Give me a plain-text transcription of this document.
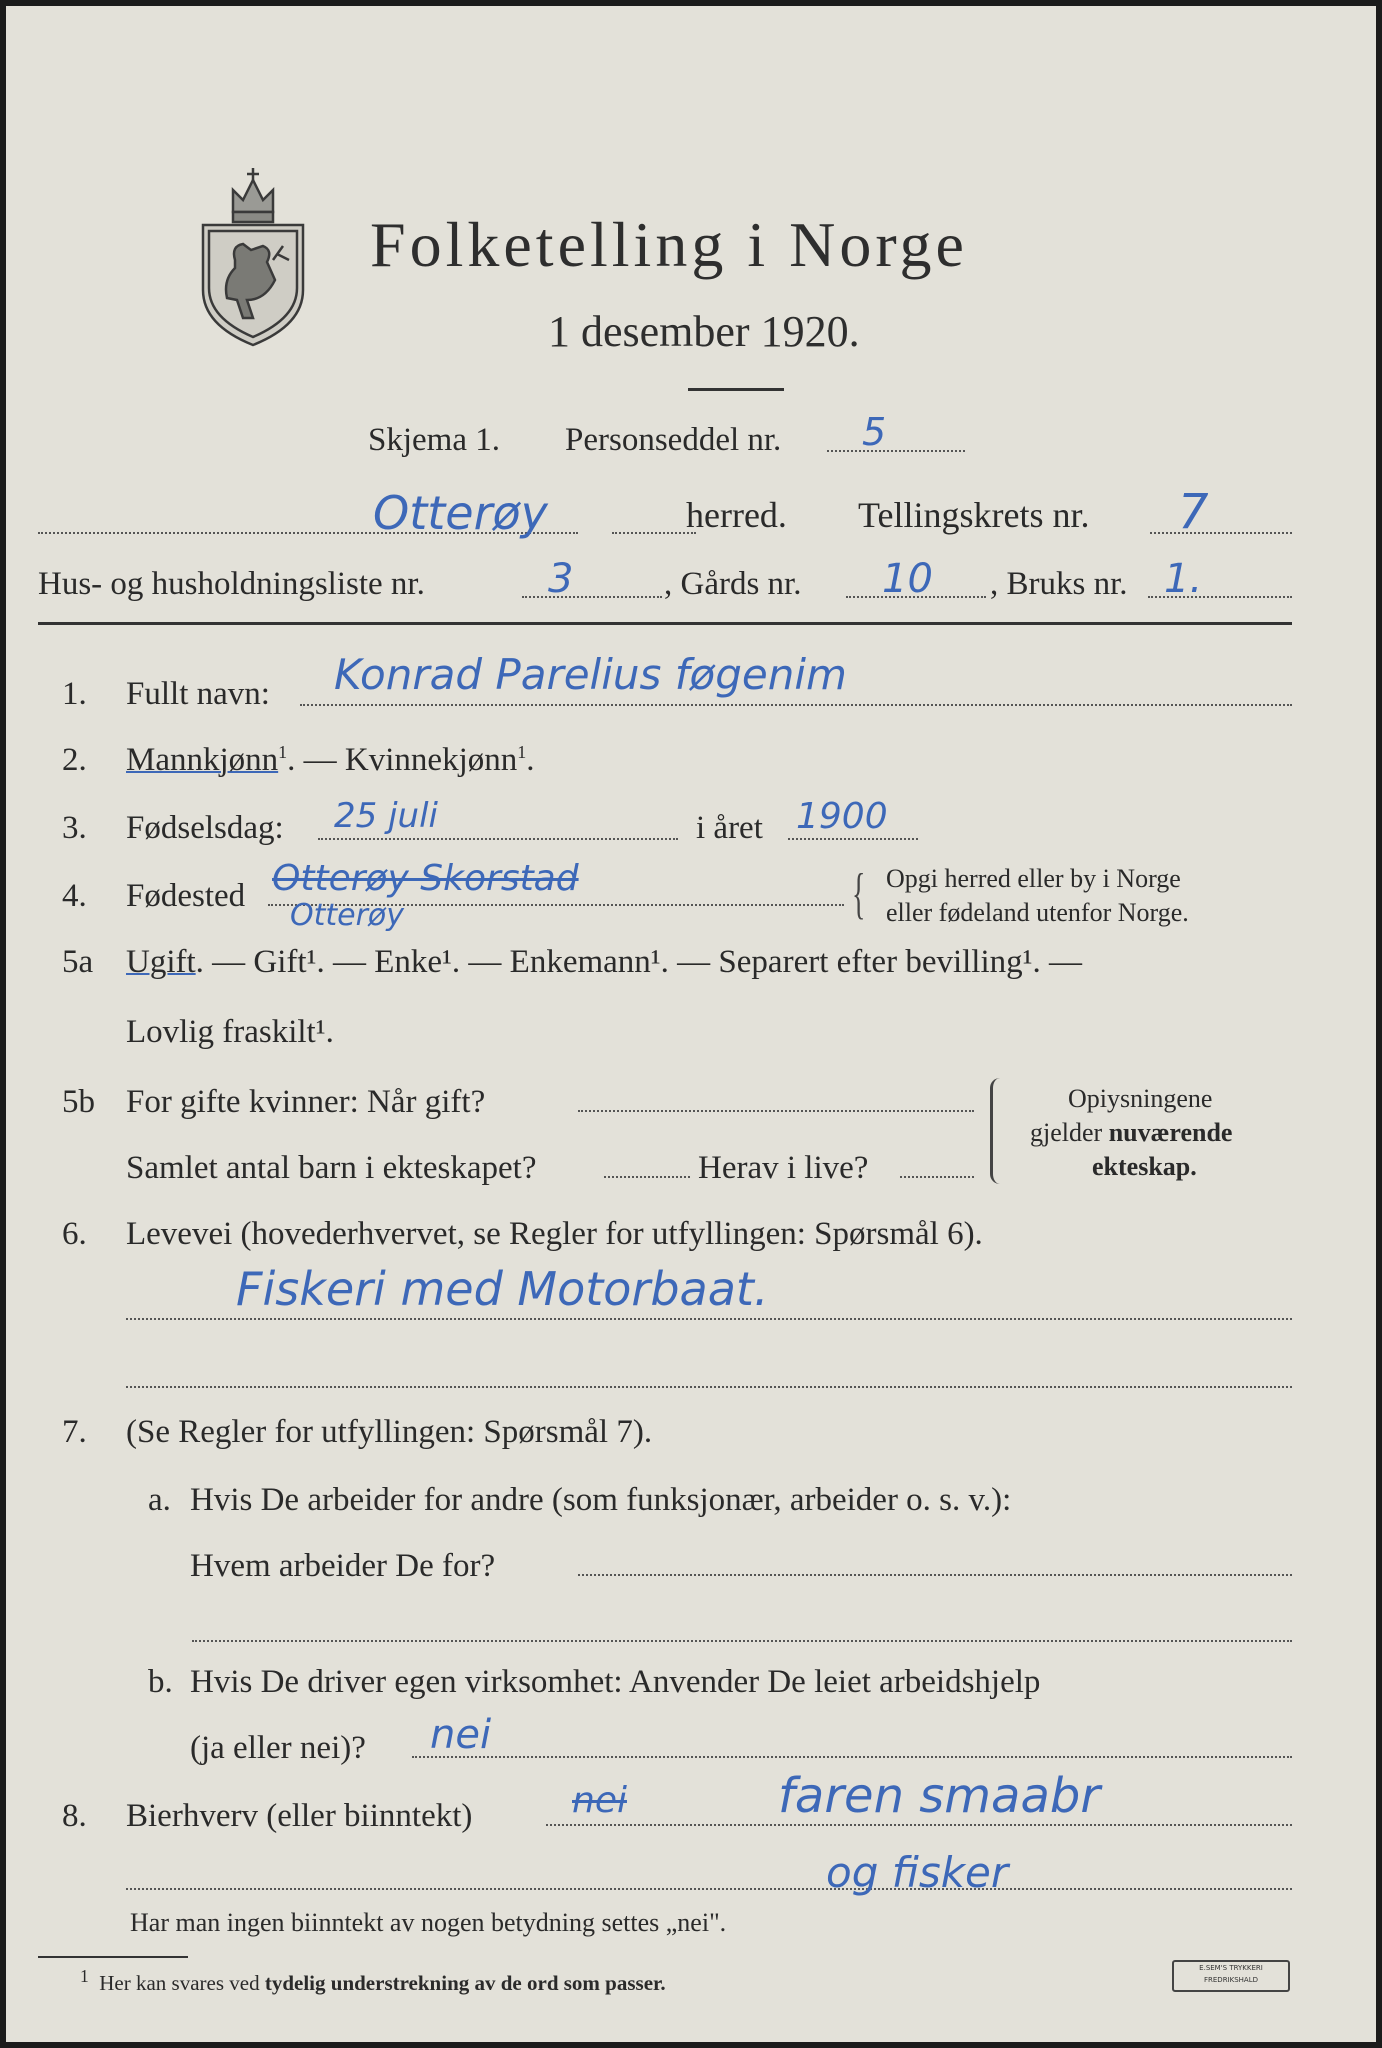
Folketelling i Norge
1 desember 1920.
Skjema 1. Personseddel nr. 5
Otterøy	herred. Tellingskrets nr. 7
Hus- og husholdningsliste nr.	3	, Gårds nr. 10 , Bruks nr. 1.
1. Fullt navn: Konrad Parelius føgenim
2. Mannkjønn$^1$. — Kvinnekjønn$^1$.
3. Fødselsdag: 25 juli	i året 1900
4. Fødested Otterøy Skorstad
Otterøy	{ Opgi herred eller by i Norge
eller fødeland utenfor Norge.
5a Ugift. — Gift¹. — Enke¹. — Enkemann¹. — Separert efter bevilling¹. —
Lovlig fraskilt¹.
5b For gifte kvinner: Når gift?
Samlet antal barn i ekteskapet?	Herav i live?
Opiysningene
gjelder nuværende
ekteskap.
6. Levevei (hovederhvervet, se Regler for utfyllingen: Spørsmål 6).
Fiskeri med Motorbaat.
7. (Se Regler for utfyllingen: Spørsmål 7).
a. Hvis De arbeider for andre (som funksjonær, arbeider o. s. v.):
Hvem arbeider De for?
b. Hvis De driver egen virksomhet: Anvender De leiet arbeidshjelp
(ja eller nei)? nei
8. Bierhverv (eller biinntekt)	nei	faren smaabr
og fisker
Har man ingen biinntekt av nogen betydning settes „nei".
$^1$ Her kan svares ved tydelig understrekning av de ord som passer.
E.SEM'S TRYKKERI
FREDRIKSHALD
